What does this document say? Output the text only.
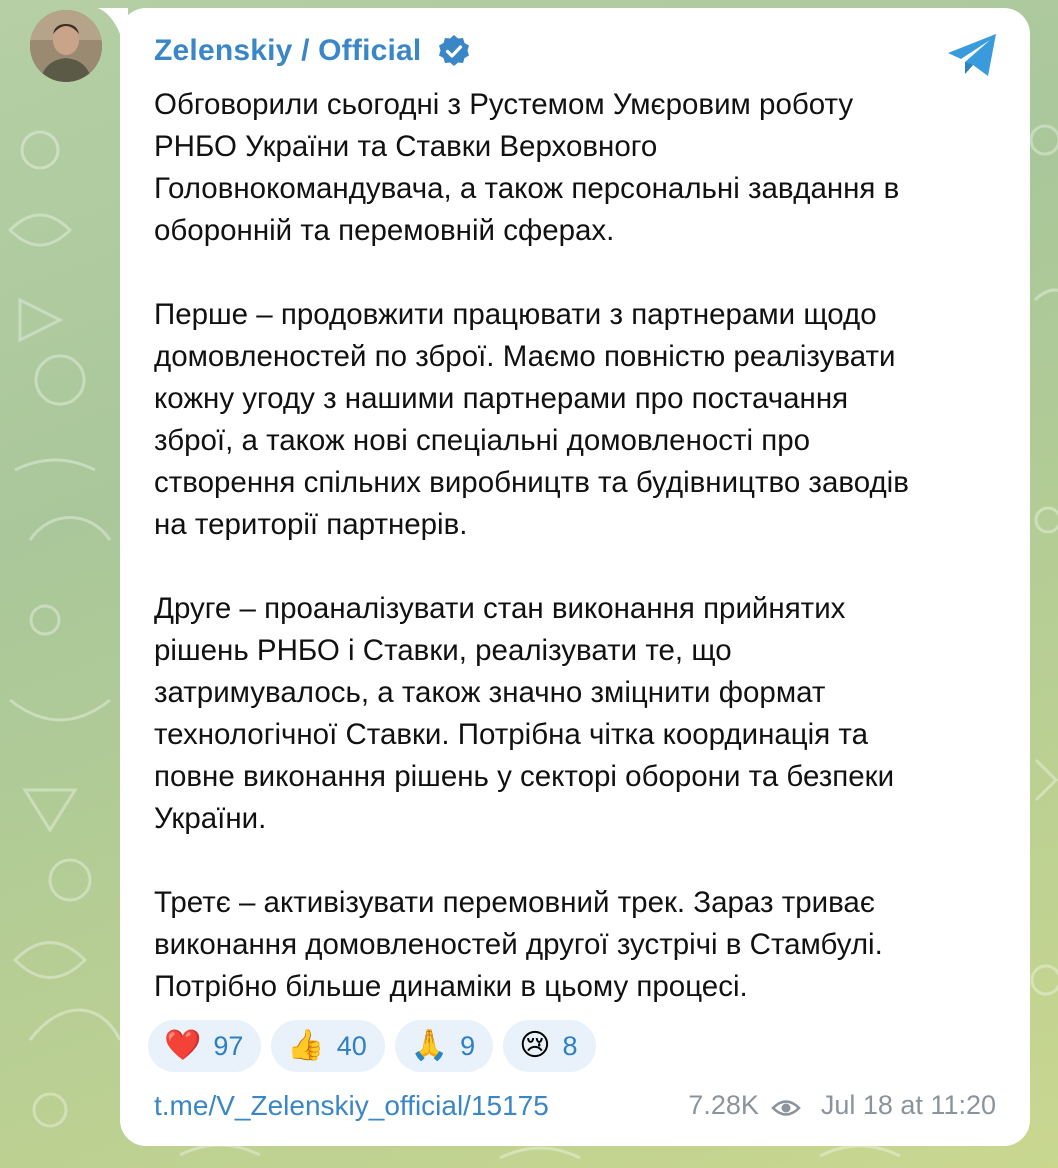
Zelenskiy / Official

Обговорили сьогодні з Рустемом Умєровим роботу
РНБО України та Ставки Верховного
Головнокомандувача, а також персональні завдання в
оборонній та перемовній сферах.

Перше – продовжити працювати з партнерами щодо
домовленостей по зброї. Маємо повністю реалізувати
кожну угоду з нашими партнерами про постачання
зброї, а також нові спеціальні домовленості про
створення спільних виробництв та будівництво заводів
на території партнерів.

Друге – проаналізувати стан виконання прийнятих
рішень РНБО і Ставки, реалізувати те, що
затримувалось, а також значно зміцнити формат
технологічної Ставки. Потрібна чітка координація та
повне виконання рішень у секторі оборони та безпеки
України.

Третє – активізувати перемовний трек. Зараз триває
виконання домовленостей другої зустрічі в Стамбулі.
Потрібно більше динаміки в цьому процесі.

❤️ 97 👍 40 🙏 9 😢 8
t.me/V_Zelenskiy_official/15175	7.28K Jul 18 at 11:20
